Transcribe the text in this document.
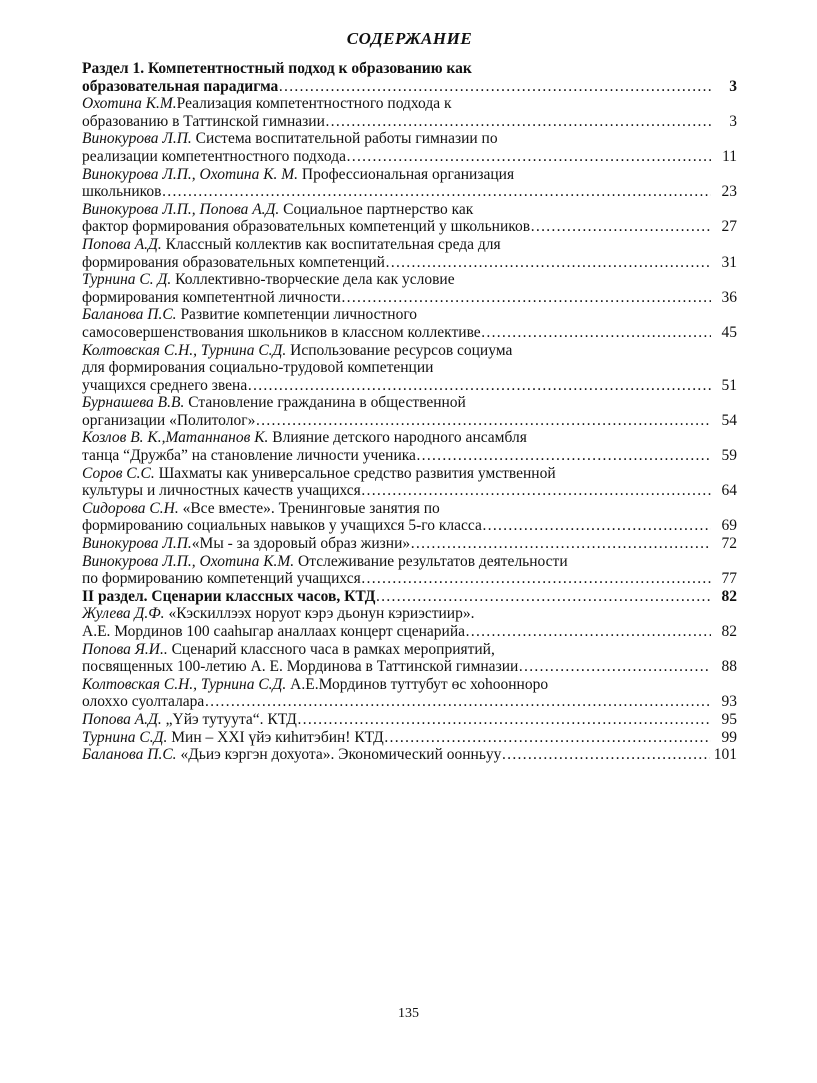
СОДЕРЖАНИЕ
Раздел 1. Компетентностный подход к образованию как
образовательная парадигма ………………………………………………………………………………………………………………………………………………	3
Охотина К.М.Реализация компетентностного подхода к
образованию в Таттинской гимназии ………………………………………………………………………………………………………………………………………………	3
Винокурова Л.П. Система воспитательной работы гимназии по
реализации компетентностного подхода ………………………………………………………………………………………………………………………………………………	11
Винокурова Л.П., Охотина К. М. Профессиональная организация
школьников ………………………………………………………………………………………………………………………………………………	23
Винокурова Л.П., Попова А.Д. Социальное партнерство как
фактор формирования образовательных компетенций у школьников ………………………………………………………………………………………………………………………………………………	27
Попова А.Д. Классный коллектив как воспитательная среда для
формирования образовательных компетенций ………………………………………………………………………………………………………………………………………………	31
Турнина С. Д. Коллективно-творческие дела как условие
формирования компетентной личности ………………………………………………………………………………………………………………………………………………	36
Баланова П.С. Развитие компетенции личностного
самосовершенствования школьников в классном коллективе ………………………………………………………………………………………………………………………………………………	45
Колтовская С.Н., Турнина С.Д. Использование ресурсов социума
для формирования социально-трудовой компетенции
учащихся среднего звена ………………………………………………………………………………………………………………………………………………	51
Бурнашева В.В. Становление гражданина в общественной
организации «Политолог» ………………………………………………………………………………………………………………………………………………	54
Козлов В. К.,Матаннанов К. Влияние детского народного ансамбля
танца “Дружба” на становление личности ученика ………………………………………………………………………………………………………………………………………………	59
Соров С.С. Шахматы как универсальное средство развития умственной
культуры и личностных качеств учащихся ………………………………………………………………………………………………………………………………………………	64
Сидорова С.Н. «Все вместе». Тренинговые занятия по
формированию социальных навыков у учащихся 5-го класса ………………………………………………………………………………………………………………………………………………	69
Винокурова Л.П.«Мы - за здоровый образ жизни» ………………………………………………………………………………………………………………………………………………	72
Винокурова Л.П., Охотина К.М. Отслеживание результатов деятельности
по формированию компетенций учащихся ………………………………………………………………………………………………………………………………………………	77
II раздел. Сценарии классных часов, КТД ………………………………………………………………………………………………………………………………………………	82
Жулева Д.Ф. «Кэскиллээх норуот кэрэ дьонун кэриэстиир».
А.Е. Мординов 100 сааһыгар аналлаах концерт сценарийа ………………………………………………………………………………………………………………………………………………	82
Попова Я.И.. Сценарий классного часа в рамках мероприятий,
посвященных 100-летию А. Е. Мординова в Таттинской гимназии ………………………………………………………………………………………………………………………………………………	88
Колтовская С.Н., Турнина С.Д. А.Е.Мординов туттубут өс хоһоонноро
олохxо суолталара ………………………………………………………………………………………………………………………………………………	93
Попова А.Д. „Үйэ тутуута“. КТД ………………………………………………………………………………………………………………………………………………	95
Турнина С.Д. Мин – XXI үйэ киһитэбин! КТД ………………………………………………………………………………………………………………………………………………	99
Баланова П.С. «Дьиэ кэргэн дохуота». Экономический оонньуу ………………………………………………………………………………………………………………………………………………	101
135
